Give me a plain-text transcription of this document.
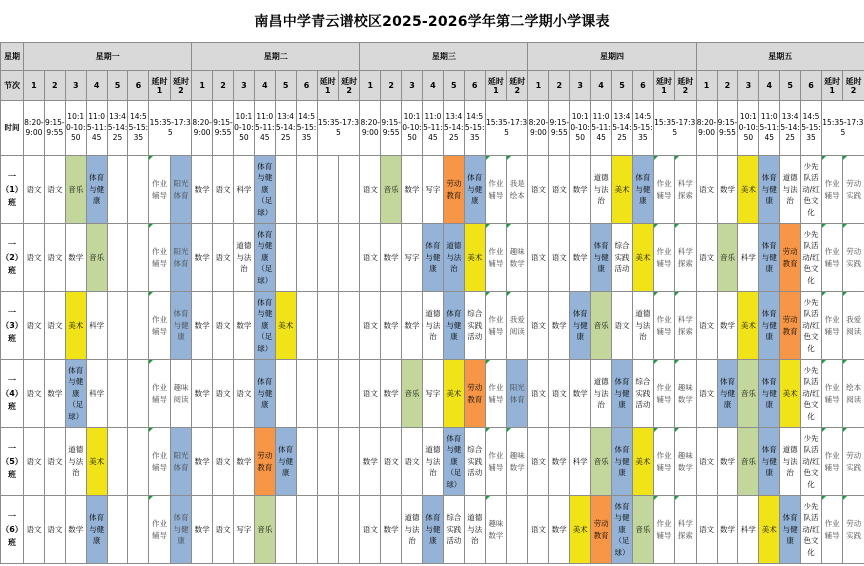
南昌中学青云谱校区2025-2026学年第二学期小学课表
星期	星期一								星期二								星期三								星期四								星期五							
节次	1	2	3	4	5	6	延时1	延时2	1	2	3	4	5	6	延时1	延时2	1	2	3	4	5	6	延时1	延时2	1	2	3	4	5	6	延时1	延时2	1	2	3	4	5	6	延时1	延时2
时间	8:20-9:00	9:15-9:55	10:10-10:50	11:05-11:45	13:45-14:25	14:55-15:35	15:35-17:35		8:20-9:00	9:15-9:55	10:10-10:50	11:05-11:45	13:45-14:25	14:55-15:35	15:35-17:35		8:20-9:00	9:15-9:55	10:10-10:50	11:05-11:45	13:45-14:25	14:55-15:35	15:35-17:35		8:20-9:00	9:15-9:55	10:10-10:50	11:05-11:45	13:45-14:25	14:55-15:35	15:35-17:35		8:20-9:00	9:15-9:55	10:10-10:50	11:05-11:45	13:45-14:25	14:55-15:35	15:35-17:35	
一（1）班	语文	语文	音乐	体育与健康			作业辅导	阳光体育	数学	语文	科学	体育与健康（足球）					语文	音乐	数学	写字	劳动教育	体育与健康	作业辅导	我是绘本	语文	语文	数学	道德与法治	美术	体育与健康	作业辅导	科学探索	语文	数学	美术	体育与健康	道德与法治	少先队活动/红色文化	作业辅导	劳动实践
一（2）班	语文	语文	数学	音乐			作业辅导	阳光体育	数学	语文	道德与法治	体育与健康（足球）					语文	数学	写字	体育与健康	道德与法治	美术	作业辅导	趣味数学	语文	语文	数学	体育与健康	综合实践活动	美术	作业辅导	科学探索	语文	音乐	科学	体育与健康	劳动教育	少先队活动/红色文化	作业辅导	劳动实践
一（3）班	语文	语文	美术	科学			作业辅导	体育与健康	数学	语文	数学	体育与健康（足球）	美术				语文	数学	数学	道德与法治	体育与健康	综合实践活动	作业辅导	我爱阅读	语文	数学	体育与健康	音乐	语文	道德与法治	作业辅导	科学探索	语文	数学	美术	体育与健康	劳动教育	少先队活动/红色文化	作业辅导	我爱阅读
一（4）班	语文	数学	体育与健康（足球）	科学			作业辅导	趣味阅读	数学	语文	语文	体育与健康					语文	数学	音乐	写字	美术	劳动教育	作业辅导	阳光体育	语文	语文	数学	道德与法治	体育与健康	综合实践活动	作业辅导	趣味数学	语文	体育与健康	音乐	体育与健康	美术	少先队活动/红色文化	作业辅导	绘本阅读
一（5）班	语文	语文	道德与法治	美术			作业辅导	阳光体育	数学	语文	数学	劳动教育	体育与健康				数学	语文	语文	道德与法治	体育与健康（足球）	综合实践活动	作业辅导	趣味数学	语文	数学	科学	音乐	体育与健康	美术	作业辅导	趣味数学	语文	数学	音乐	体育与健康	道德与法治	少先队活动/红色文化	作业辅导	劳动实践
一（6）班	语文	语文	数学	体育与健康			作业辅导	体育与健康	数学	语文	写字	音乐					语文	数学	道德与法治	体育与健康	综合实践活动	道德与法治	趣味数学		语文	数学	美术	劳动教育	体育与健康（足球）	音乐	作业辅导	科学探索	语文	数学	科学	美术	体育与健康	少先队活动/红色文化	作业辅导	劳动实践
